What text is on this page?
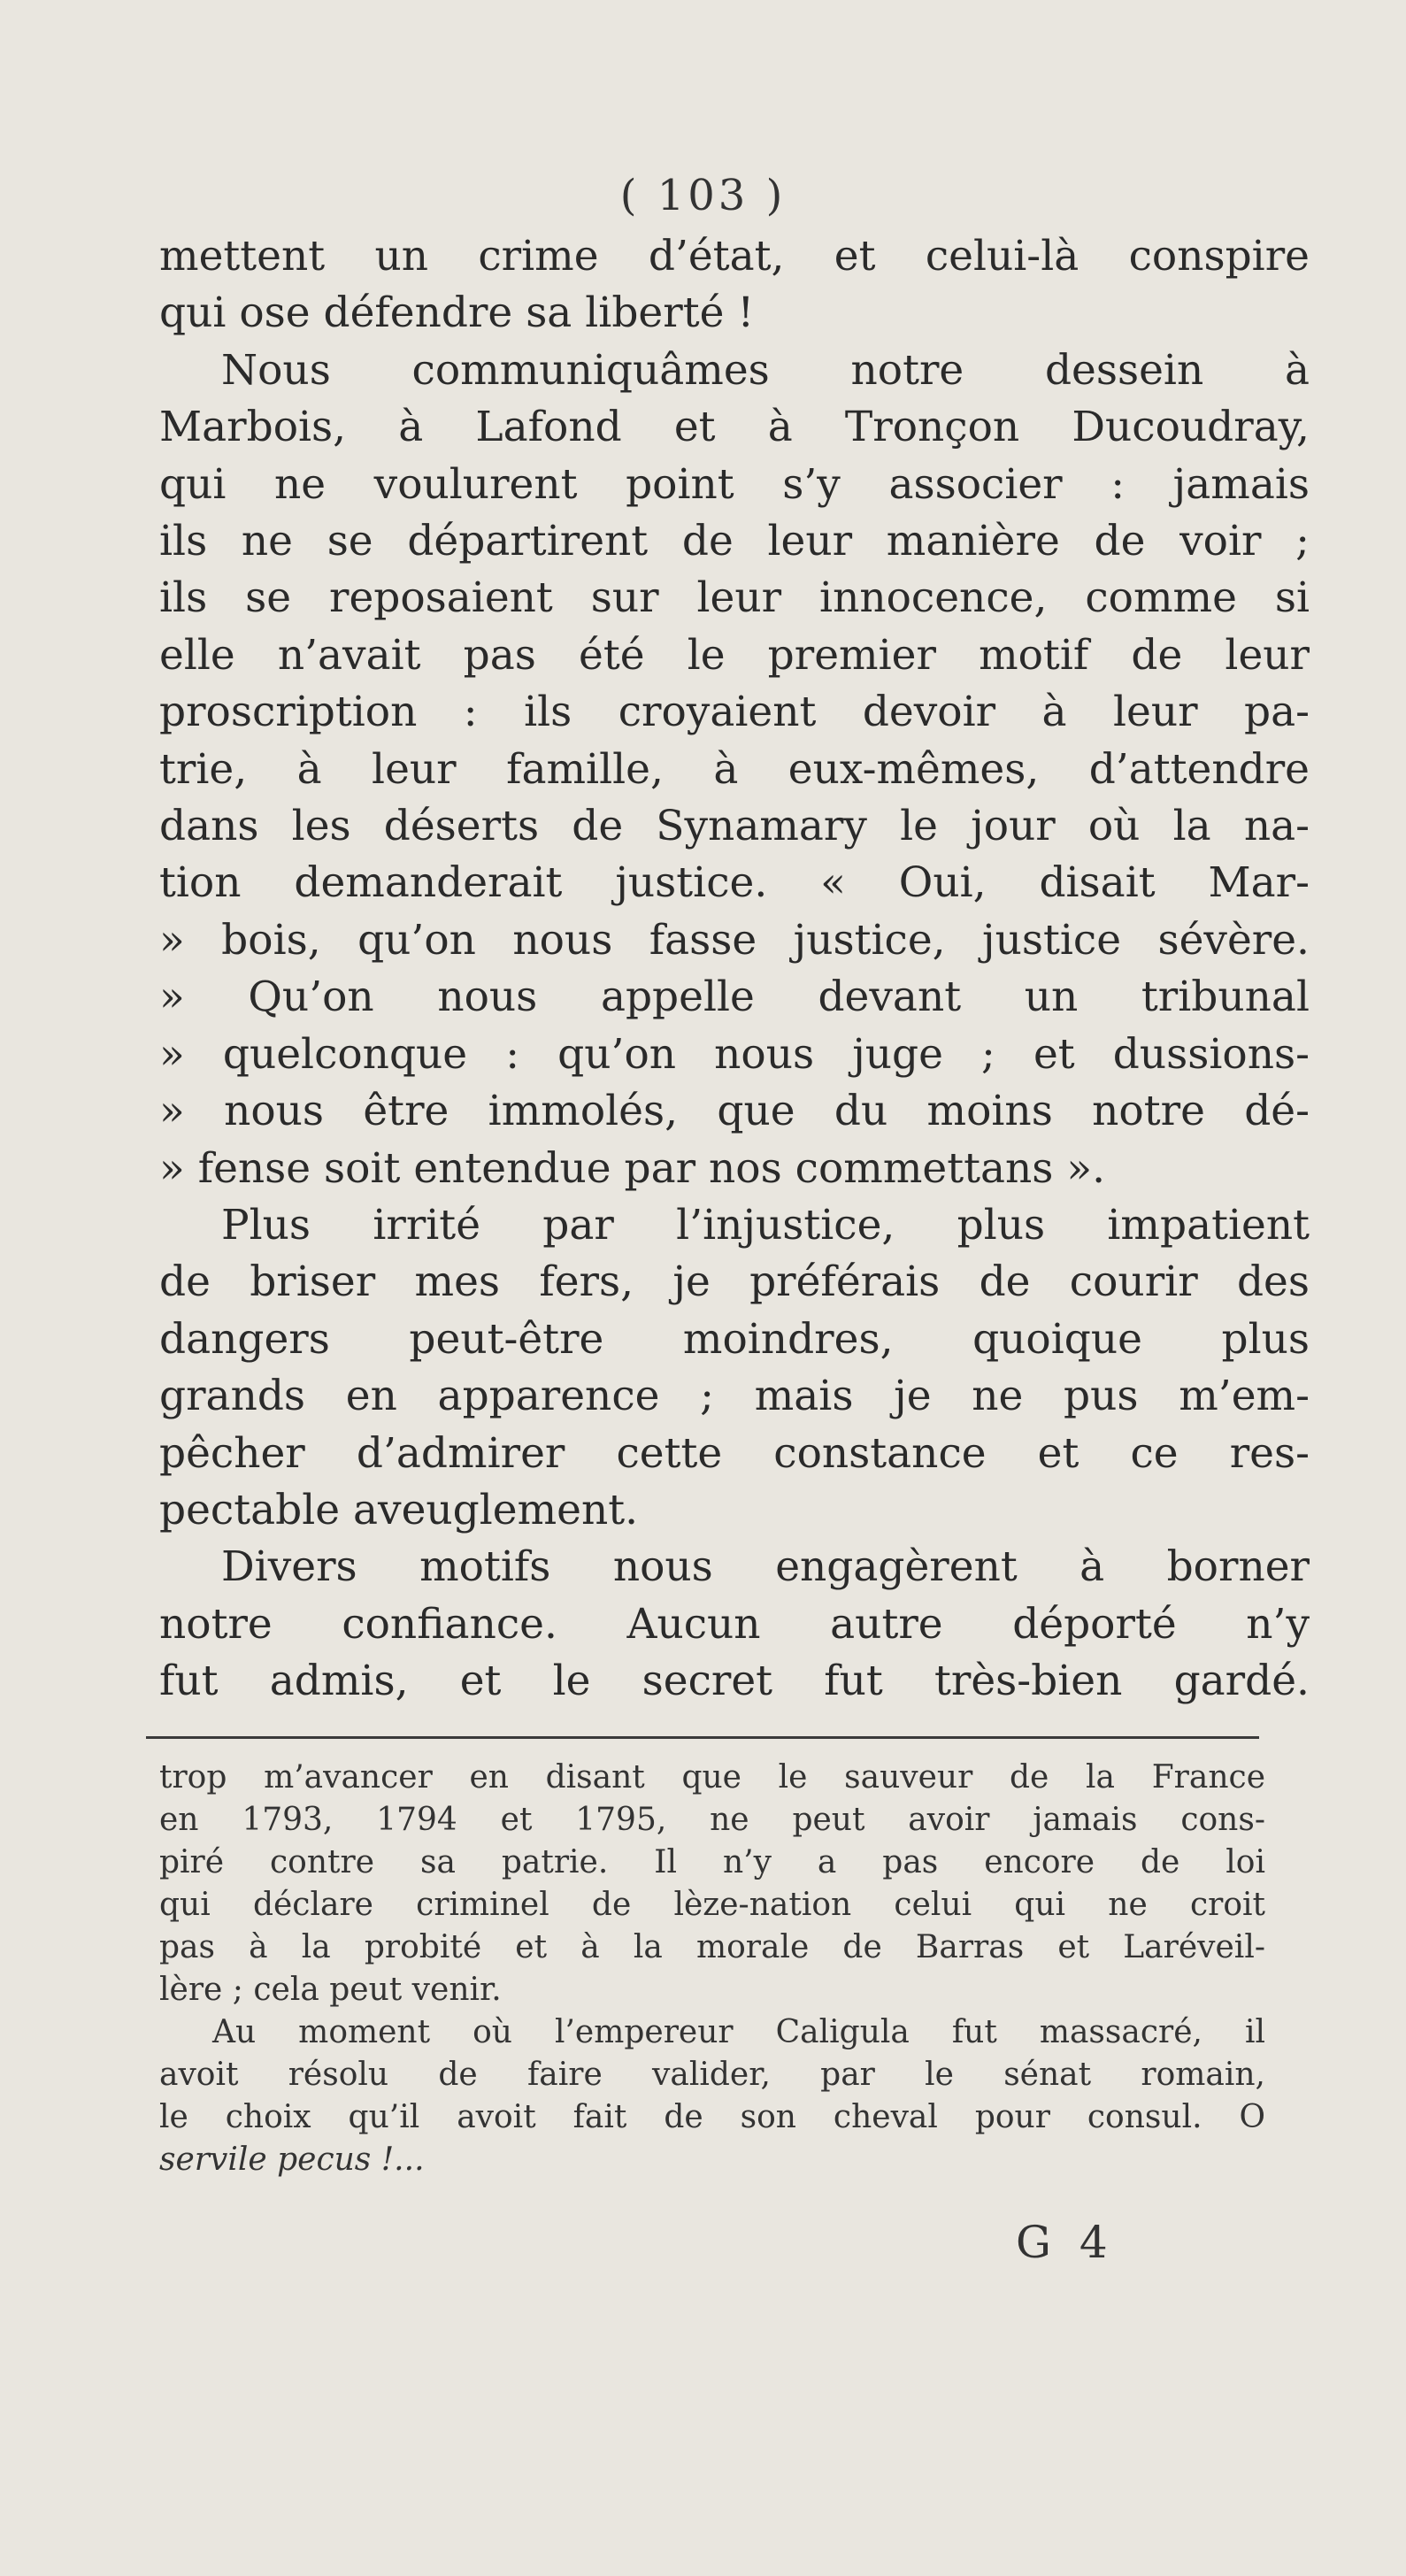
( 103 )
mettent un crime d’état, et celui-là conspire
qui ose défendre sa liberté !
Nous communiquâmes notre dessein à
Marbois, à Lafond et à Tronçon Ducoudray,
qui ne voulurent point s’y associer : jamais
ils ne se départirent de leur manière de voir ;
ils se reposaient sur leur innocence, comme si
elle n’avait pas été le premier motif de leur
proscription : ils croyaient devoir à leur pa-
trie, à leur famille, à eux-mêmes, d’attendre
dans les déserts de Synamary le jour où la na-
tion demanderait justice. « Oui, disait Mar-
» bois, qu’on nous fasse justice, justice sévère.
» Qu’on nous appelle devant un tribunal
» quelconque : qu’on nous juge ; et dussions-
» nous être immolés, que du moins notre dé-
» fense soit entendue par nos commettans ».
Plus irrité par l’injustice, plus impatient
de briser mes fers, je préférais de courir des
dangers peut-être moindres, quoique plus
grands en apparence ; mais je ne pus m’em-
pêcher d’admirer cette constance et ce res-
pectable aveuglement.
Divers motifs nous engagèrent à borner
notre confiance. Aucun autre déporté n’y
fut admis, et le secret fut très-bien gardé.
trop m’avancer en disant que le sauveur de la France
en 1793, 1794 et 1795, ne peut avoir jamais cons-
piré contre sa patrie. Il n’y a pas encore de loi
qui déclare criminel de lèze-nation celui qui ne croit
pas à la probité et à la morale de Barras et Laréveil-
lère ; cela peut venir.
Au moment où l’empereur Caligula fut massacré, il
avoit résolu de faire valider, par le sénat romain,
le choix qu’il avoit fait de son cheval pour consul. O
servile pecus !...
G 4
